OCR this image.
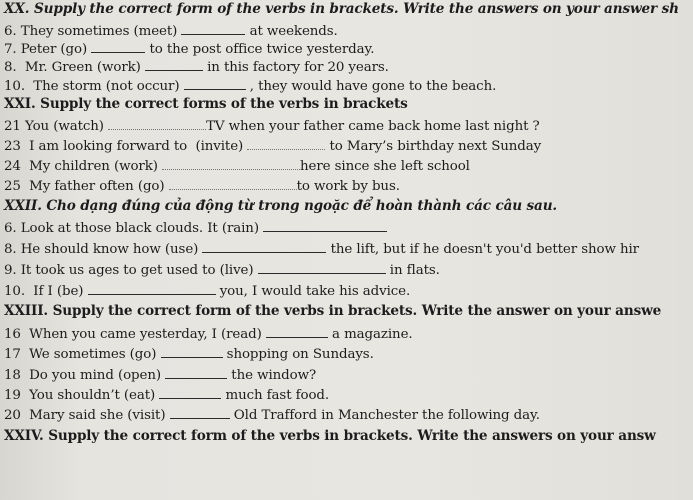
XX. Supply the correct form of the verbs in brackets. Write the answers on your answer sh
6. They sometimes (meet)	at weekends.
7. Peter (go)	to the post office twice yesterday.
8.  Mr. Green (work)	in this factory for 20 years.
10.  The storm (not occur)	, they would have gone to the beach.
XXI. Supply the correct forms of the verbs in brackets
21 You (watch)	TV when your father came back home last night ?
23  I am looking forward to  (invite)	to Mary’s birthday next Sunday
24  My children (work)	here since she left school
25  My father often (go)	to work by bus.
XXII. Cho dạng đúng của động từ trong ngoặc để hoàn thành các câu sau.
6. Look at those black clouds. It (rain)
8. He should know how (use)	the lift, but if he doesn't you'd better show hir
9. It took us ages to get used to (live)	in flats.
10.  If I (be)	you, I would take his advice.
XXIII. Supply the correct form of the verbs in brackets. Write the answer on your answe
16  When you came yesterday, I (read)	a magazine.
17  We sometimes (go)	shopping on Sundays.
18  Do you mind (open)	the window?
19  You shouldn’t (eat)	much fast food.
20  Mary said she (visit)	Old Trafford in Manchester the following day.
XXIV. Supply the correct form of the verbs in brackets. Write the answers on your answ
